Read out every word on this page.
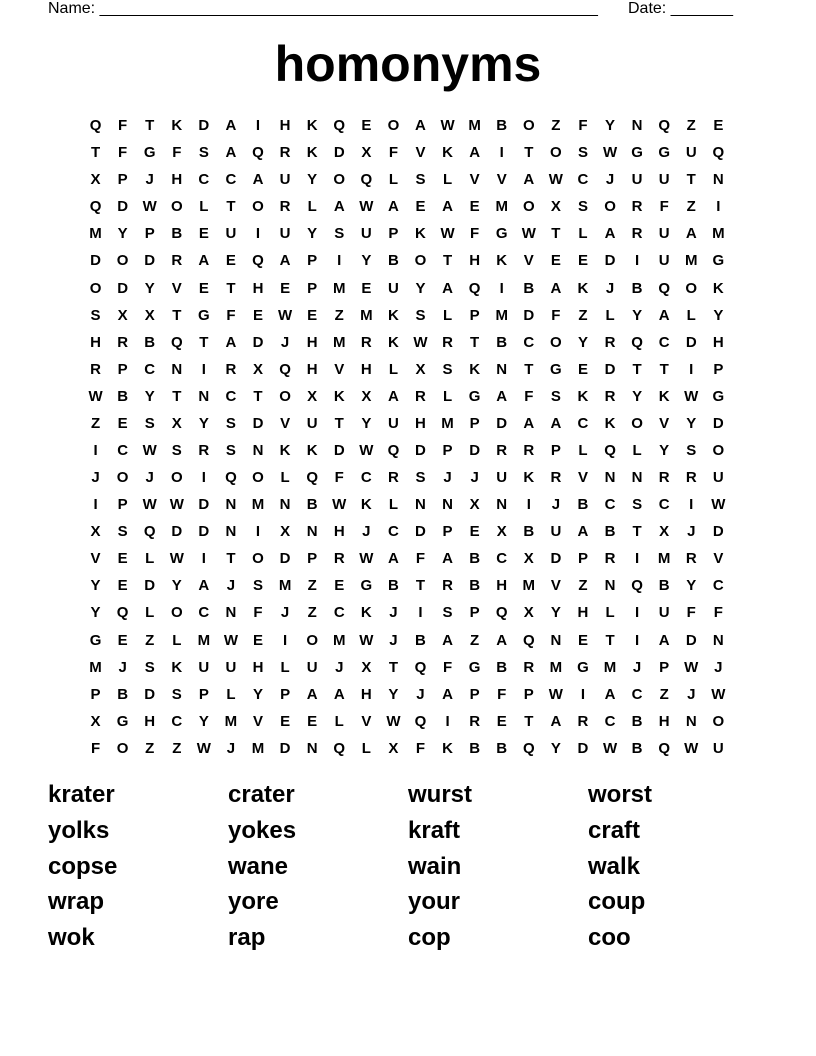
Name: ________________________________________________________ Date: _______
homonyms
Q	F	T	K	D	A	I	H	K	Q	E	O	A W M	B	O	Z	F	Y	N	Q	Z	E
T	F	G	F	S	A	Q	R	K	D	X	F	V	K	A	I	T	O	S W G	G	U	Q
X	P	J	H	C	C	A	U	Y	O	Q	L	S	L	V	V	A W C	J	U	U	T	N
Q	D W O	L	T	O	R	L	A W A	E	A	E	M	O	X	S	O	R	F	Z	I
M	Y	P	B	E	U	I	U	Y	S	U	P	K W	F	G W	T	L	A	R	U	A	M
D	O	D	R	A	E	Q	A	P	I	Y	B	O	T	H	K	V	E	E	D	I	U	M	G
O	D	Y	V	E	T	H	E	P	M	E	U	Y	A	Q	I	B	A	K	J	B	Q	O	K
S	X	X	T	G	F	E W E	Z	M	K	S	L	P	M	D	F	Z	L	Y	A	L	Y
H	R	B	Q	T	A	D	J	H	M	R	K W R	T	B	C	O	Y	R	Q	C	D	H
R	P	C	N	I	R	X	Q	H	V	H	L	X	S	K	N	T	G	E	D	T	T	I	P
W B	Y	T	N	C	T	O	X	K	X	A	R	L	G	A	F	S	K	R	Y	K W G
Z	E	S	X	Y	S	D	V	U	T	Y	U	H	M	P	D	A	A	C	K	O	V	Y	D
I	C W S	R	S	N	K	K	D W Q	D	P	D	R	R	P	L	Q	L	Y	S	O
J	O	J	O	I	Q	O	L	Q	F	C	R	S	J	J	U	K	R	V	N	N	R	R	U
I	P W W D	N	M	N	B W K	L	N	N	X	N	I	J	B	C	S	C	I	W
X	S	Q	D	D	N	I	X	N	H	J	C	D	P	E	X	B	U	A	B	T	X	J	D
V	E	L	W	I	T	O	D	P	R W A	F	A	B	C	X	D	P	R	I	M	R	V
Y	E	D	Y	A	J	S	M	Z	E	G	B	T	R	B	H	M	V	Z	N	Q	B	Y	C
Y	Q	L	O	C	N	F	J	Z	C	K	J	I	S	P	Q	X	Y	H	L	I	U	F	F
G	E	Z	L	M W E	I	O M W	J	B	A	Z	A	Q	N	E	T	I	A	D	N
M	J	S	K	U	U	H	L	U	J	X	T	Q	F	G	B	R	M	G M	J	P W	J
P	B	D	S	P	L	Y	P	A	A	H	Y	J	A	P	F	P W	I	A	C	Z	J	W
X	G	H	C	Y	M	V	E	E	L	V W Q	I	R	E	T	A	R	C	B	H	N	O
F	O	Z	Z	W	J	M	D	N	Q	L	X	F	K	B	B	Q	Y	D W B	Q W U
krater	crater	wurst	worst
yolks	yokes	kraft	craft
copse	wane	wain	walk
wrap	yore	your	coup
wok	rap	cop	coo
